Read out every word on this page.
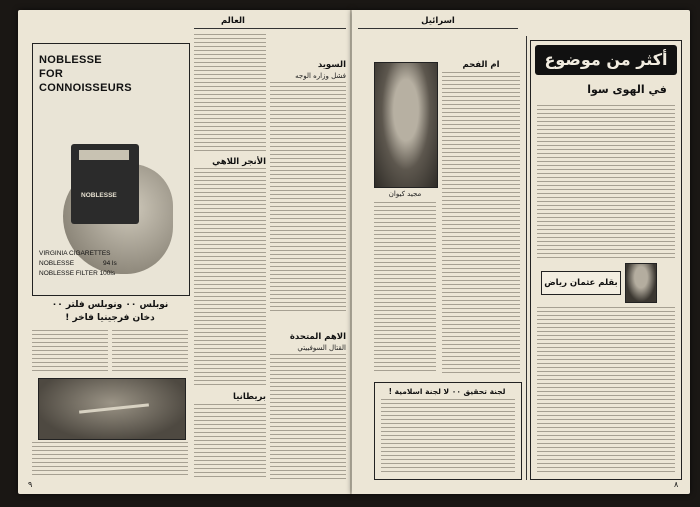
العالم
NOBLESSE
FOR
CONNOISSEURS
NOBLESSE
VIRGINIA CIGARETTES
NOBLESSE	94 ls
NOBLESSE FILTER 100ls
نوبلس ٠٠ ونوبلس فلتر ٠٠
دخان فرجينيا فاخر !
٩
السويد
فشل وزاره الوجه
الأنجر اللاهي
بريطانيا
الاهم المتحدة
القتال السوفييتي
اسرائيل
مجيد كيوان
ام الفحم
لجنة تحقيق ٠٠ لا لجنة اسلامية !
أكثر من موضوع
في الهوى سوا
بقلم عثمان رياض
٨
